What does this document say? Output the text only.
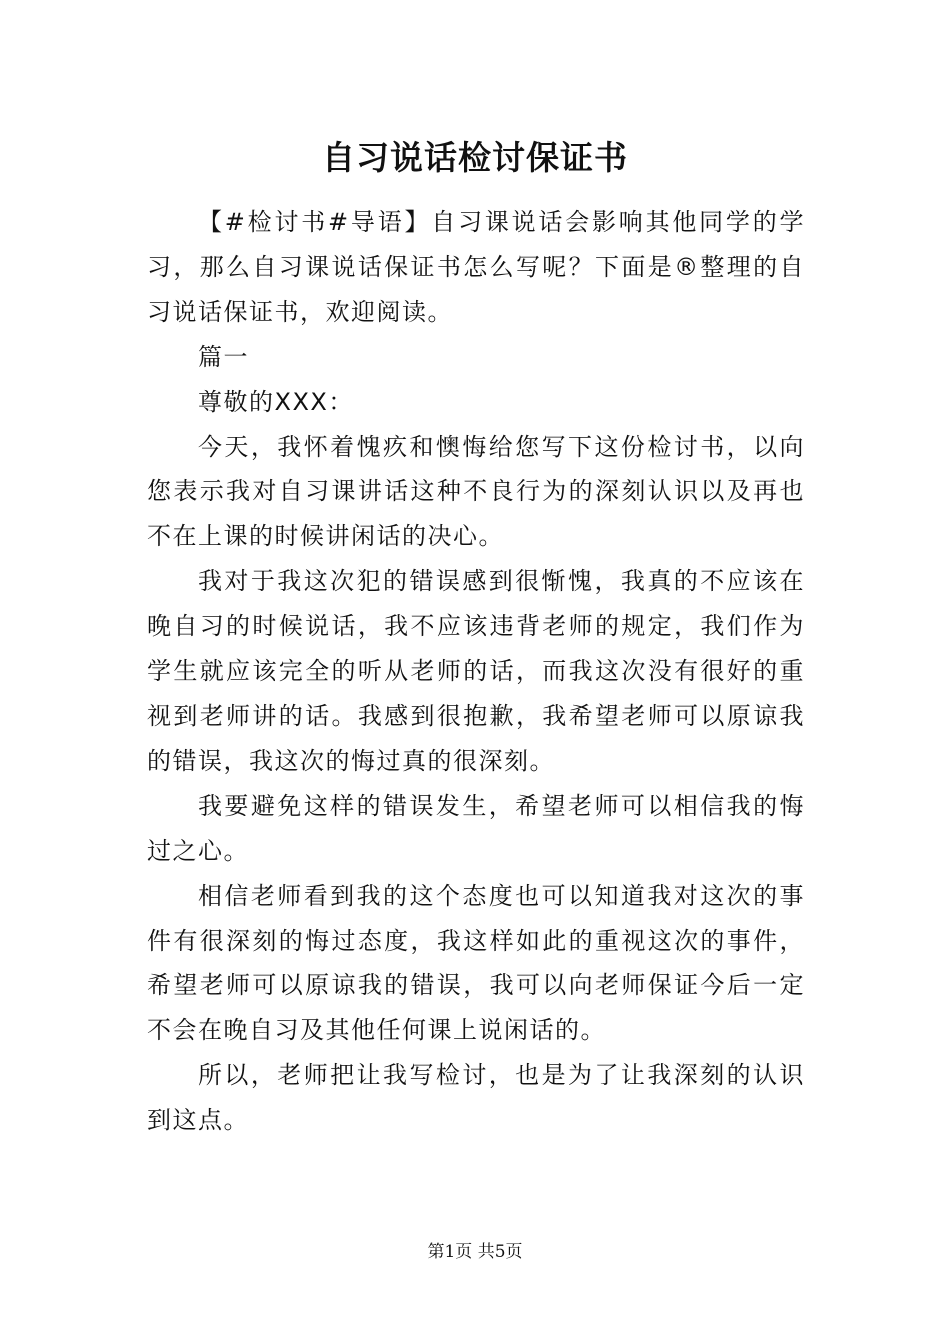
自习说话检讨保证书

【#检讨书#导语】自习课说话会影响其他同学的学习，那么自习课说话保证书怎么写呢？下面是®整理的自习说话保证书，欢迎阅读。

篇一

尊敬的XXX：

今天，我怀着愧疚和懊悔给您写下这份检讨书，以向您表示我对自习课讲话这种不良行为的深刻认识以及再也不在上课的时候讲闲话的决心。

我对于我这次犯的错误感到很惭愧，我真的不应该在晚自习的时候说话，我不应该违背老师的规定，我们作为学生就应该完全的听从老师的话，而我这次没有很好的重视到老师讲的话。我感到很抱歉，我希望老师可以原谅我的错误，我这次的悔过真的很深刻。

我要避免这样的错误发生，希望老师可以相信我的悔过之心。

相信老师看到我的这个态度也可以知道我对这次的事件有很深刻的悔过态度，我这样如此的重视这次的事件，希望老师可以原谅我的错误，我可以向老师保证今后一定不会在晚自习及其他任何课上说闲话的。

所以，老师把让我写检讨，也是为了让我深刻的认识到这点。

第1页 共5页
